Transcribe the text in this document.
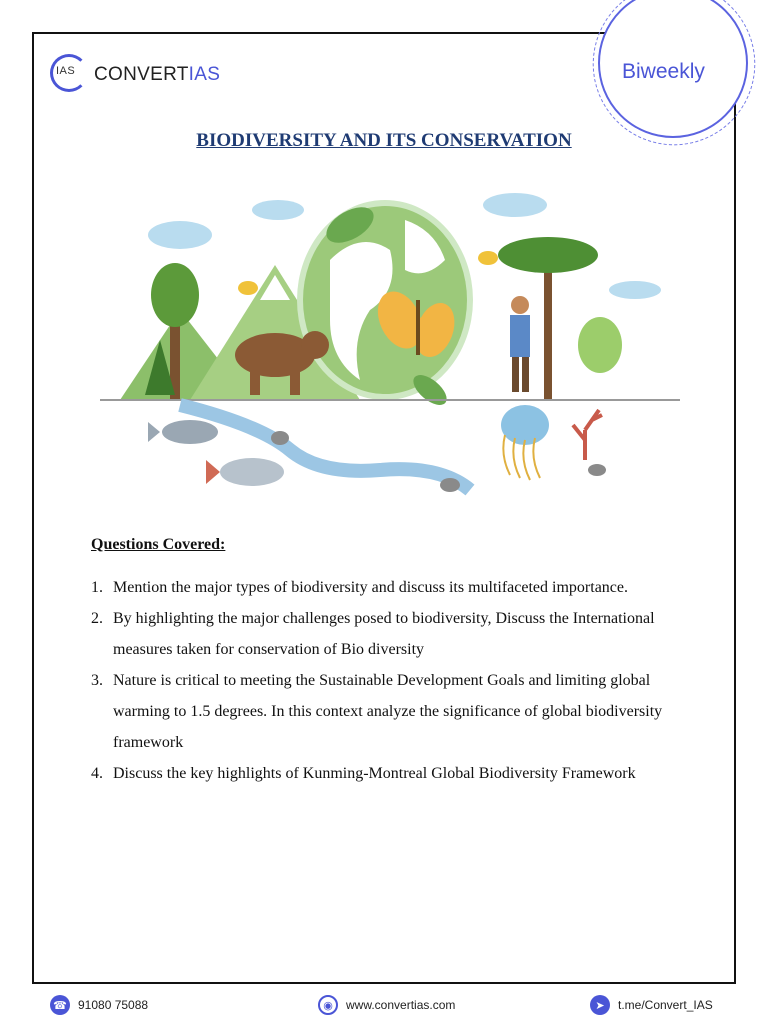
IAS CONVERTIAS	Biweekly
BIODIVERSITY AND ITS CONSERVATION
Questions Covered:
1. Mention the major types of biodiversity and discuss its multifaceted importance.
2. By highlighting the major challenges posed to biodiversity, Discuss the International measures taken for conservation of Bio diversity
3. Nature is critical to meeting the Sustainable Development Goals and limiting global warming to 1.5 degrees. In this context analyze the significance of global biodiversity framework
4. Discuss the key highlights of Kunming-Montreal Global Biodiversity Framework
☎ 91080 75088	◉	www.convertias.com	➤	t.me/Convert_IAS
